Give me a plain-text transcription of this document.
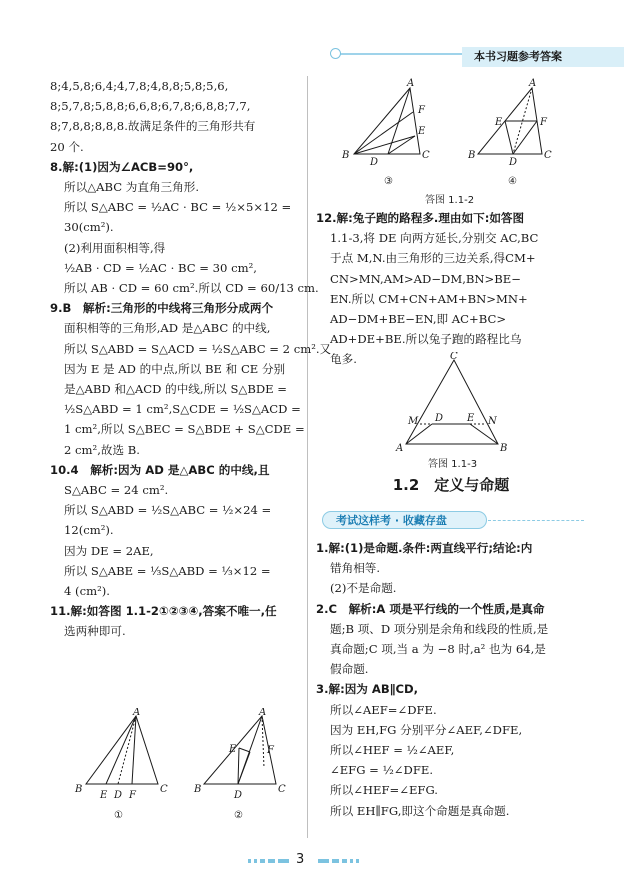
本书习题参考答案

8;4,5,8;6,4;4,7,8;4,8,8;5,8;5,6,

8;5,7,8;5,8,8;6,6,8;6,7,8;6,8,8;7,7,

8;7,8,8;8,8,8.故满足条件的三角形共有

20 个.

8.解:(1)因为∠ACB=90°,

所以△ABC 为直角三角形.

所以 S△ABC = ½AC · BC = ½×5×12 =

30(cm²).

(2)利用面积相等,得

½AB · CD = ½AC · BC = 30 cm²,

所以 AB · CD = 60 cm².所以 CD = 60/13 cm.

9.B　解析:三角形的中线将三角形分成两个

面积相等的三角形,AD 是△ABC 的中线,

所以 S△ABD = S△ACD = ½S△ABC = 2 cm².又

因为 E 是 AD 的中点,所以 BE 和 CE 分别

是△ABD 和△ACD 的中线,所以 S△BDE =

½S△ABD = 1 cm²,S△CDE = ½S△ACD =

1 cm²,所以 S△BEC = S△BDE + S△CDE =

2 cm²,故选 B.

10.4　解析:因为 AD 是△ABC 的中线,且

S△ABC = 24 cm².

所以 S△ABD = ½S△ABC = ½×24 =

12(cm²).

因为 DE = 2AE,

所以 S△ABE = ⅓S△ABD = ⅓×12 =

4 (cm²).

11.解:如答图 1.1-2①②③④,答案不唯一,任

选两种即可.

A
B
E D F
C
①
A
E	F
B
D
C
②
A
F
E
B
D
C
③
A
E	F
B
D
C
④
答图 1.1-2

12.解:兔子跑的路程多.理由如下:如答图

1.1-3,将 DE 向两方延长,分别交 AC,BC

于点 M,N.由三角形的三边关系,得CM+

CN>MN,AM>AD−DM,BN>BE−

EN.所以 CM+CN+AM+BN>MN+

AD−DM+BE−EN,即 AC+BC>

AD+DE+BE.所以兔子跑的路程比乌

龟多.	C
M D E N
A	B
答图 1.1-3
1.2　定义与命题
考试这样考 · 收藏存盘

1.解:(1)是命题.条件:两直线平行;结论:内

错角相等.

(2)不是命题.

2.C　解析:A 项是平行线的一个性质,是真命

题;B 项、D 项分别是余角和线段的性质,是

真命题;C 项,当 a 为 −8 时,a² 也为 64,是

假命题.

3.解:因为 AB∥CD,

所以∠AEF=∠DFE.

因为 EH,FG 分别平分∠AEF,∠DFE,

所以∠HEF = ½∠AEF,

∠EFG = ½∠DFE.

所以∠HEF=∠EFG.

所以 EH∥FG,即这个命题是真命题.

3
